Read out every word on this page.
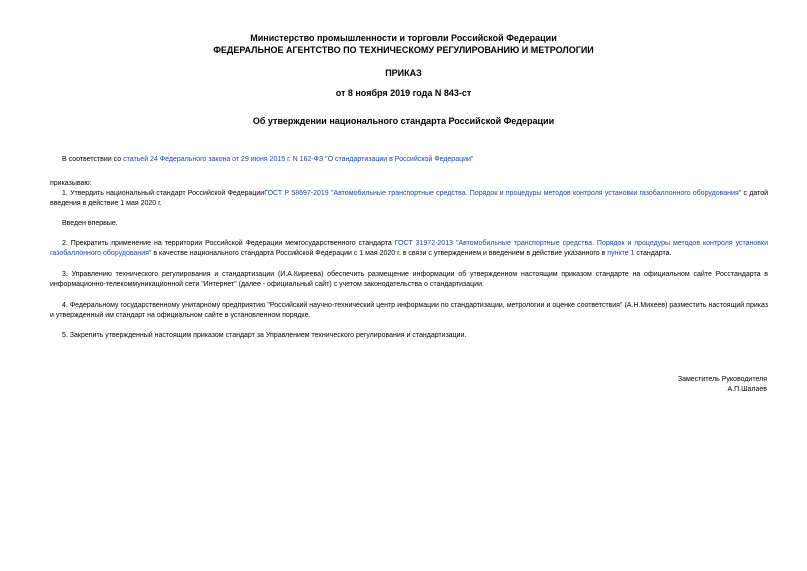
Министерство промышленности и торговли Российской Федерации
ФЕДЕРАЛЬНОЕ АГЕНТСТВО ПО ТЕХНИЧЕСКОМУ РЕГУЛИРОВАНИЮ И МЕТРОЛОГИИ
ПРИКАЗ
от 8 ноября 2019 года N 843-ст
Об утверждении национального стандарта Российской Федерации
В соответствии со статьей 24 Федерального закона от 29 июня 2015 г. N 162-ФЗ "О стандартизации в Российской Федерации"
приказываю:
1. Утвердить национальный стандарт Российской ФедерацииГОСТ Р 58697-2019 "Автомобильные транспортные средства. Порядок и процедуры методов контроля установки газобаллонного оборудования" с датой введения в действие 1 мая 2020 г.
Введен впервые.
2. Прекратить применение на территории Российской Федерации межгосударственного стандарта ГОСТ 31972-2013 "Автомобильные транспортные средства. Порядок и процедуры методов контроля установки газобаллонного оборудования" в качестве национального стандарта Российской Федерации с 1 мая 2020 г. в связи с утверждением и введением в действие указанного в пункте 1 стандарта.
3. Управлению технического регулирования и стандартизации (И.А.Киреева) обеспечить размещение информации об утвержденном настоящим приказом стандарте на официальном сайте Росстандарта в информационно-телекоммуникационной сети "Интернет" (далее - официальный сайт) с учетом законодательства о стандартизации.
4. Федеральному государственному унитарному предприятию "Российский научно-технический центр информации по стандартизации, метрологии и оценке соответствия" (А.Н.Михеев) разместить настоящий приказ и утвержденный им стандарт на официальном сайте в установленном порядке.
5. Закрепить утвержденный настоящим приказом стандарт за Управлением технического регулирования и стандартизации.
Заместитель Руководителя
А.П.Шалаев
